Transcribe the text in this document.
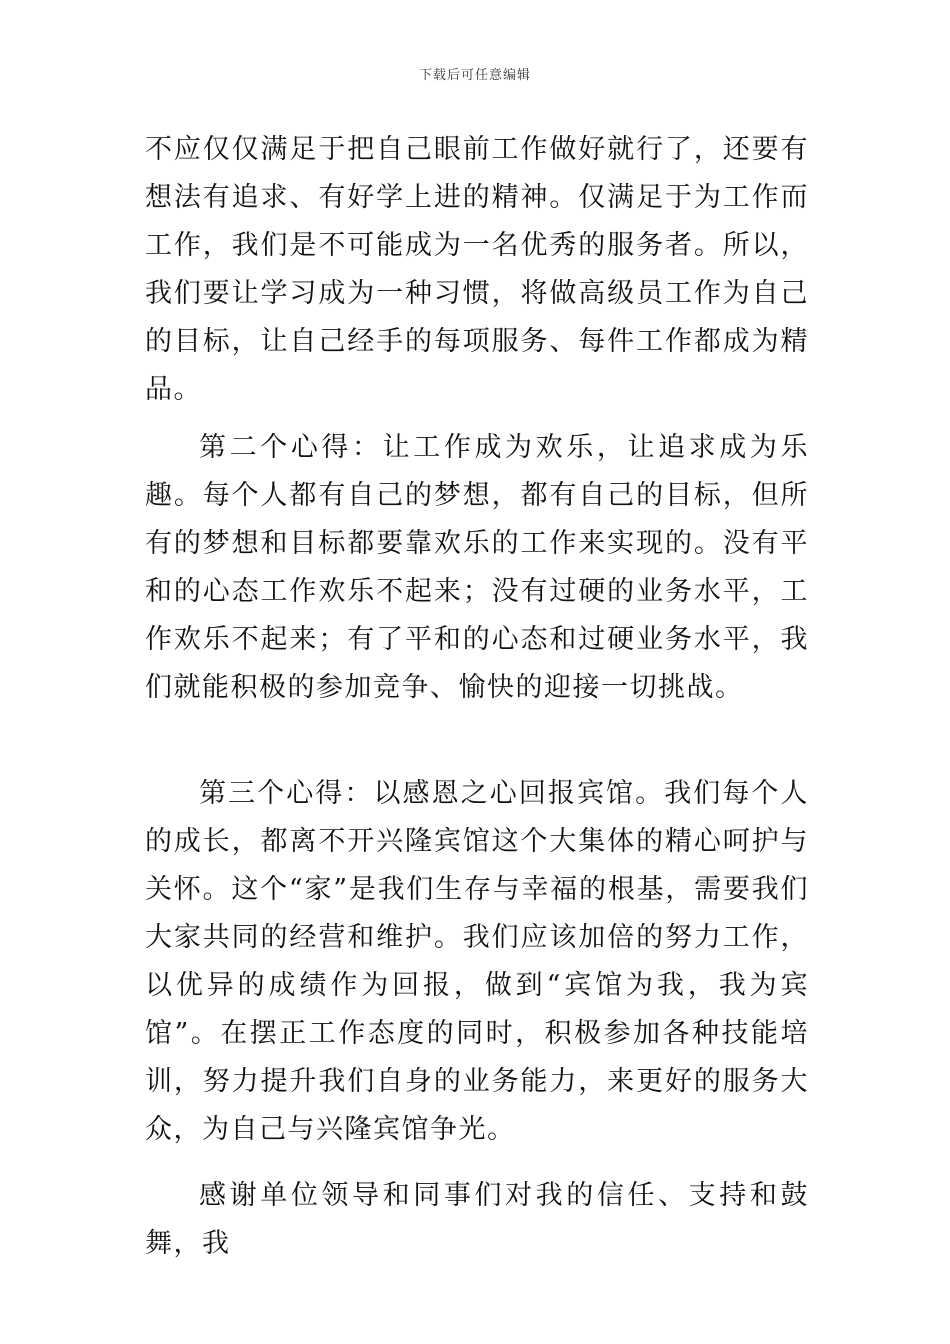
下载后可任意编辑

不应仅仅满足于把自己眼前工作做好就行了，还要有想法有追求、有好学上进的精神。仅满足于为工作而工作，我们是不可能成为一名优秀的服务者。所以，我们要让学习成为一种习惯，将做高级员工作为自己的目标，让自己经手的每项服务、每件工作都成为精品。

第二个心得：让工作成为欢乐，让追求成为乐趣。每个人都有自己的梦想，都有自己的目标，但所有的梦想和目标都要靠欢乐的工作来实现的。没有平和的心态工作欢乐不起来；没有过硬的业务水平，工作欢乐不起来；有了平和的心态和过硬业务水平，我们就能积极的参加竞争、愉快的迎接一切挑战。

第三个心得：以感恩之心回报宾馆。我们每个人的成长，都离不开兴隆宾馆这个大集体的精心呵护与关怀。这个“家”是我们生存与幸福的根基，需要我们大家共同的经营和维护。我们应该加倍的努力工作，以优异的成绩作为回报，做到“宾馆为我，我为宾馆”。在摆正工作态度的同时，积极参加各种技能培训，努力提升我们自身的业务能力，来更好的服务大众，为自己与兴隆宾馆争光。

感谢单位领导和同事们对我的信任、支持和鼓舞，我
